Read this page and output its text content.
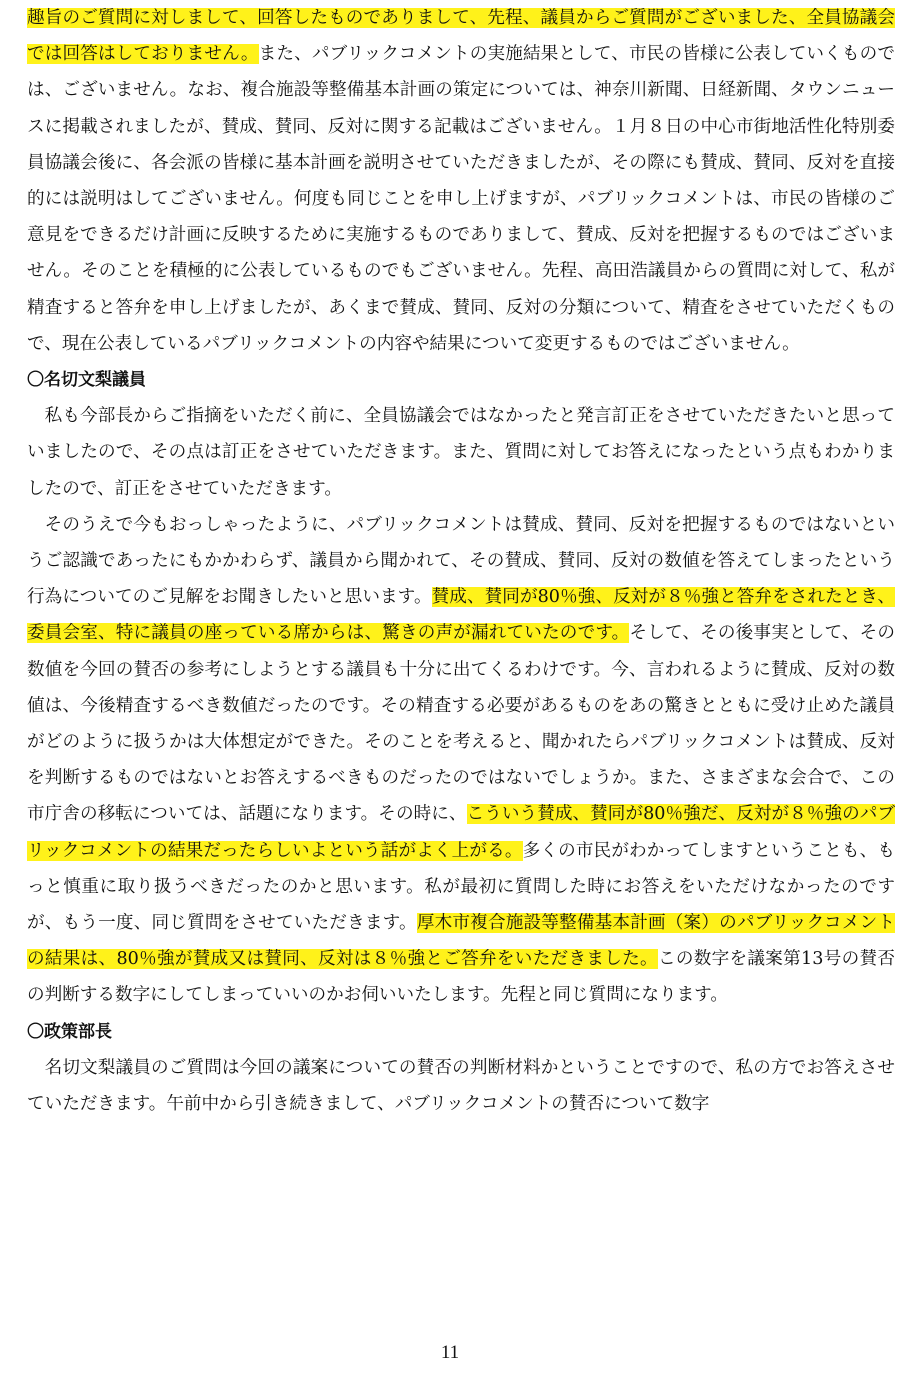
趣旨のご質問に対しまして、回答したものでありまして、先程、議員からご質問がございました、全員協議会では回答はしておりません。また、パブリックコメントの実施結果として、市民の皆様に公表していくものでは、ございません。なお、複合施設等整備基本計画の策定については、神奈川新聞、日経新聞、タウンニュースに掲載されましたが、賛成、賛同、反対に関する記載はございません。１月８日の中心市街地活性化特別委員協議会後に、各会派の皆様に基本計画を説明させていただきましたが、その際にも賛成、賛同、反対を直接的には説明はしてございません。何度も同じことを申し上げますが、パブリックコメントは、市民の皆様のご意見をできるだけ計画に反映するために実施するものでありまして、賛成、反対を把握するものではございません。そのことを積極的に公表しているものでもございません。先程、高田浩議員からの質問に対して、私が精査すると答弁を申し上げましたが、あくまで賛成、賛同、反対の分類について、精査をさせていただくもので、現在公表しているパブリックコメントの内容や結果について変更するものではございません。

〇名切文梨議員

私も今部長からご指摘をいただく前に、全員協議会ではなかったと発言訂正をさせていただきたいと思っていましたので、その点は訂正をさせていただきます。また、質問に対してお答えになったという点もわかりましたので、訂正をさせていただきます。

そのうえで今もおっしゃったように、パブリックコメントは賛成、賛同、反対を把握するものではないというご認識であったにもかかわらず、議員から聞かれて、その賛成、賛同、反対の数値を答えてしまったという行為についてのご見解をお聞きしたいと思います。賛成、賛同が80％強、反対が８％強と答弁をされたとき、委員会室、特に議員の座っている席からは、驚きの声が漏れていたのです。そして、その後事実として、その数値を今回の賛否の参考にしようとする議員も十分に出てくるわけです。今、言われるように賛成、反対の数値は、今後精査するべき数値だったのです。その精査する必要があるものをあの驚きとともに受け止めた議員がどのように扱うかは大体想定ができた。そのことを考えると、聞かれたらパブリックコメントは賛成、反対を判断するものではないとお答えするべきものだったのではないでしょうか。また、さまざまな会合で、この市庁舎の移転については、話題になります。その時に、こういう賛成、賛同が80％強だ、反対が８％強のパブリックコメントの結果だったらしいよという話がよく上がる。多くの市民がわかってしますということも、もっと慎重に取り扱うべきだったのかと思います。私が最初に質問した時にお答えをいただけなかったのですが、もう一度、同じ質問をさせていただきます。厚木市複合施設等整備基本計画（案）のパブリックコメントの結果は、80％強が賛成又は賛同、反対は８％強とご答弁をいただきました。この数字を議案第13号の賛否の判断する数字にしてしまっていいのかお伺いいたします。先程と同じ質問になります。

〇政策部長

名切文梨議員のご質問は今回の議案についての賛否の判断材料かということですので、私の方でお答えさせていただきます。午前中から引き続きまして、パブリックコメントの賛否について数字

11
